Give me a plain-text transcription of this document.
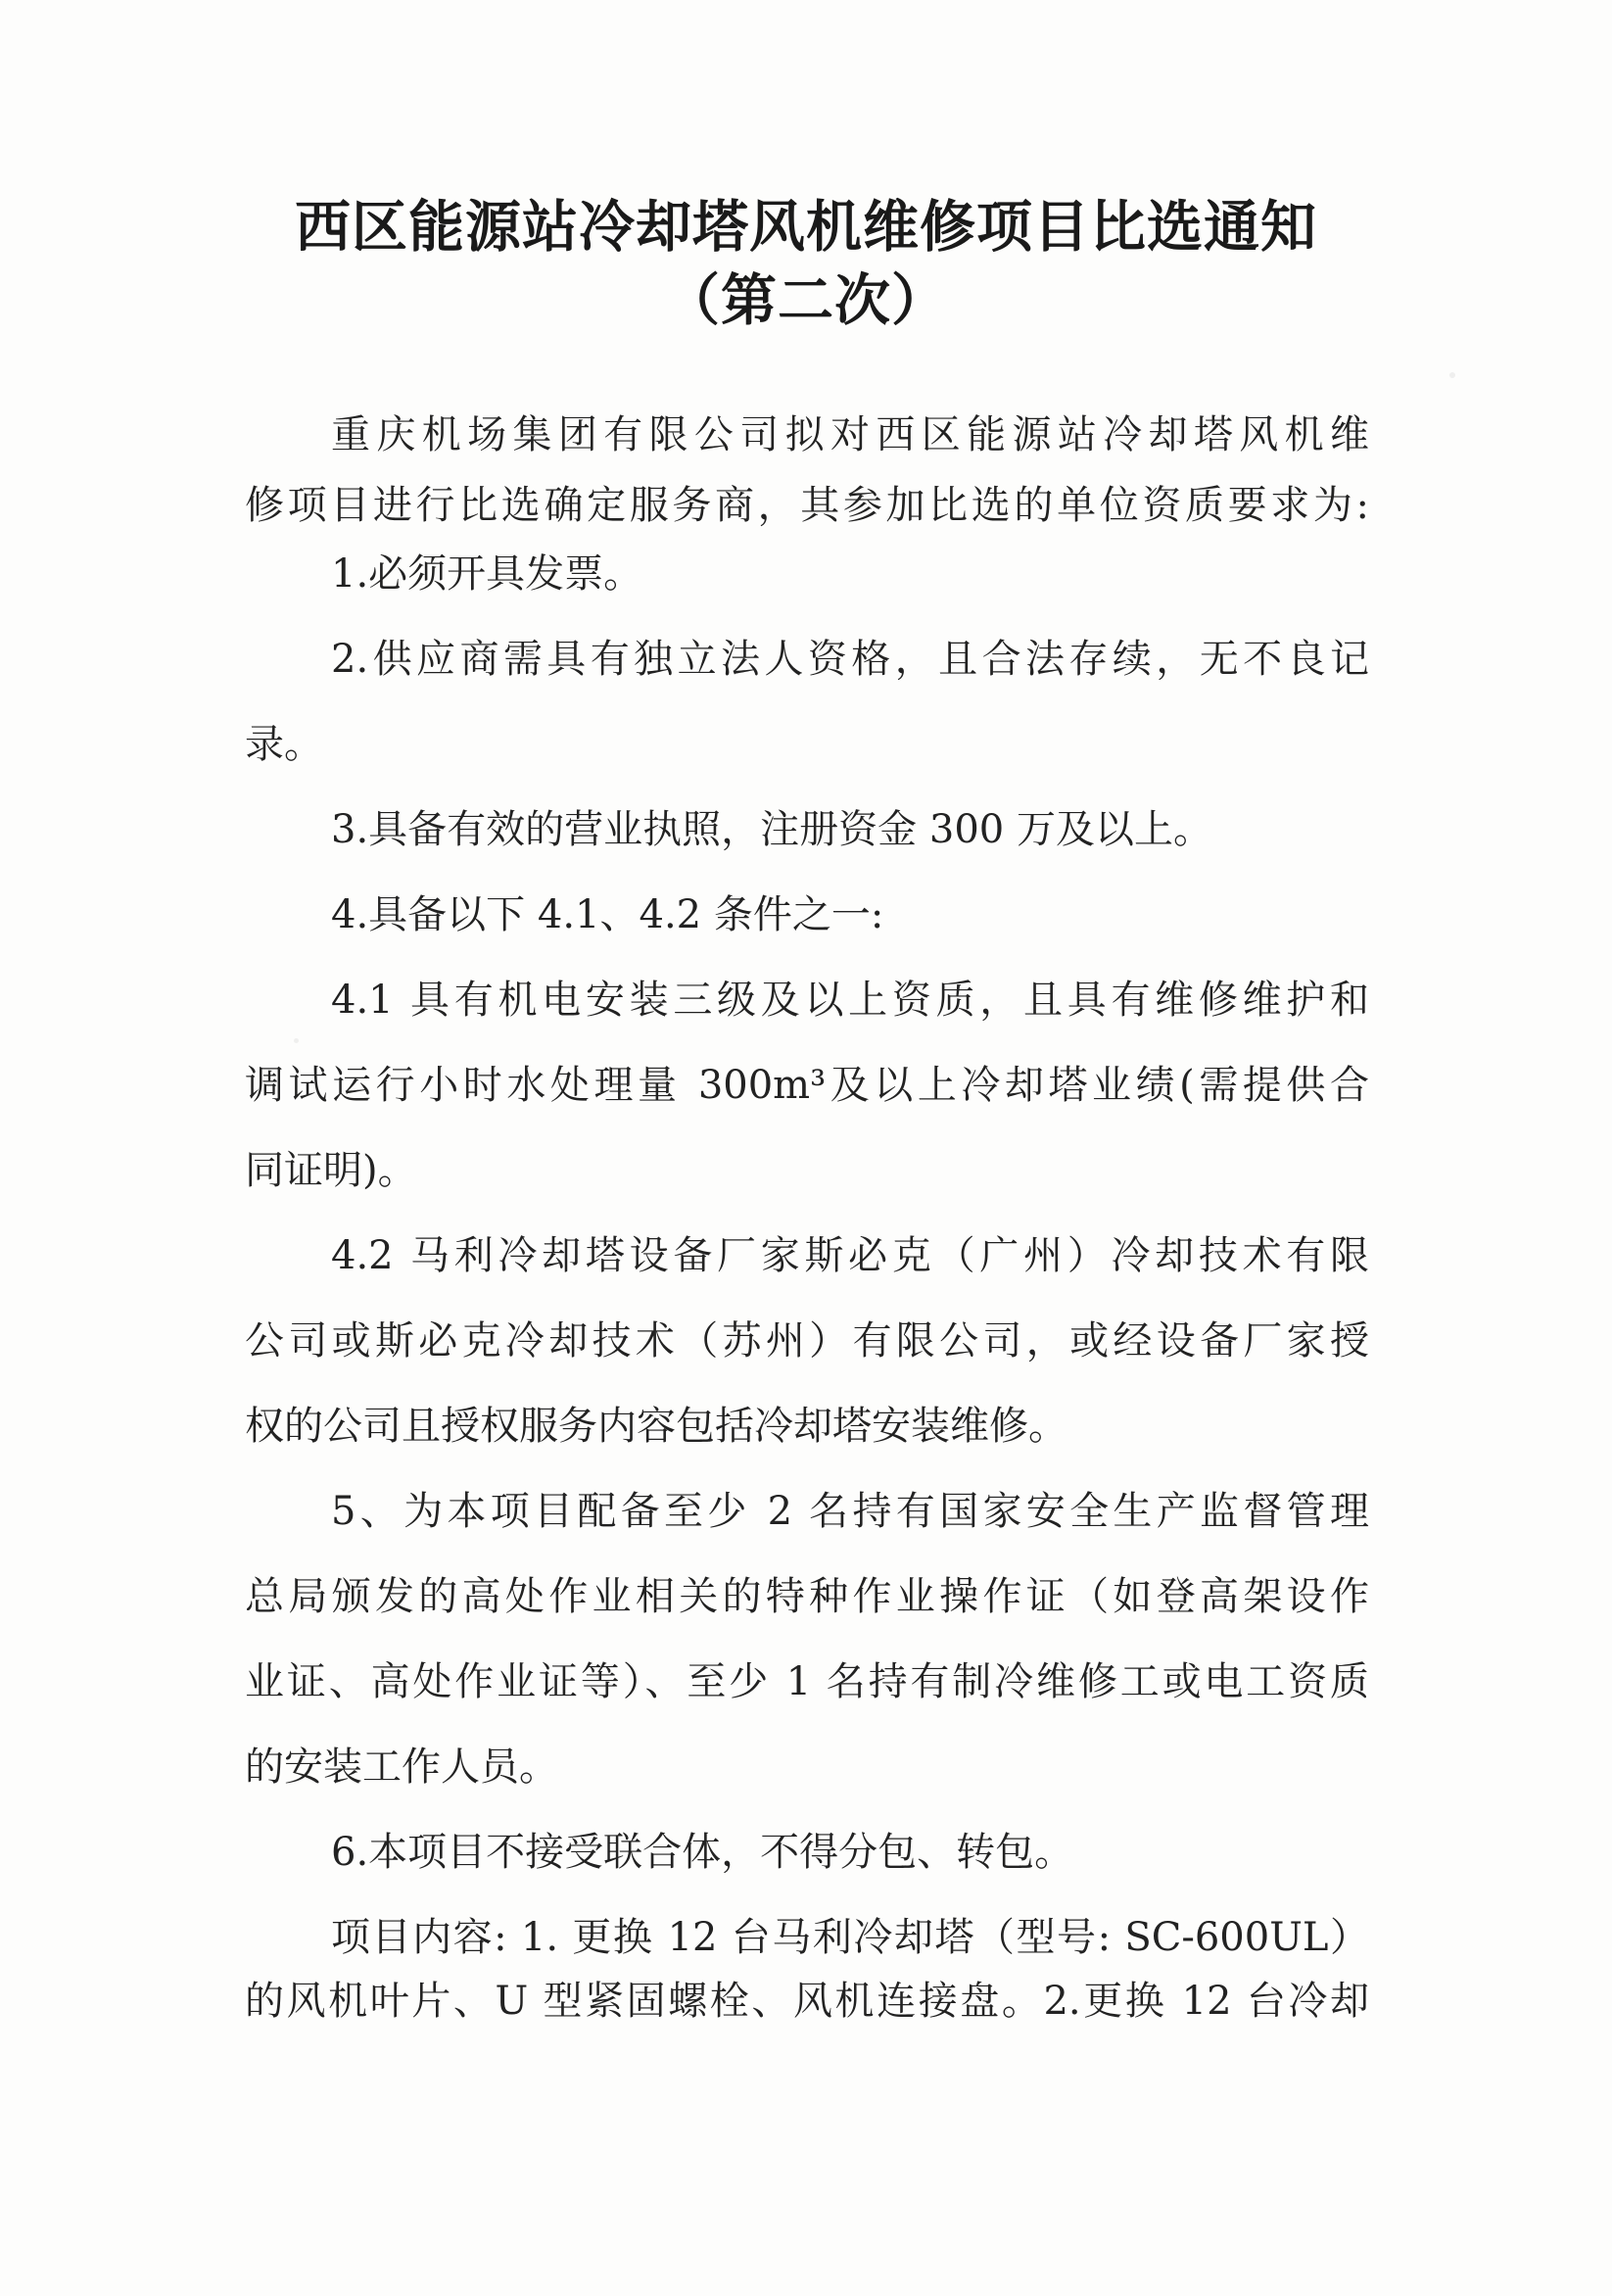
西区能源站冷却塔风机维修项目比选通知
（第二次）
重庆机场集团有限公司拟对西区能源站冷却塔风机维
修项目进行比选确定服务商，其参加比选的单位资质要求为:
1.必须开具发票。
2.供应商需具有独立法人资格，且合法存续，无不良记
录。
3.具备有效的营业执照，注册资金 300 万及以上。
4.具备以下 4.1、4.2 条件之一:
4.1 具有机电安装三级及以上资质，且具有维修维护和
调试运行小时水处理量 300m³及以上冷却塔业绩(需提供合
同证明)。
4.2 马利冷却塔设备厂家斯必克（广州）冷却技术有限
公司或斯必克冷却技术（苏州）有限公司，或经设备厂家授
权的公司且授权服务内容包括冷却塔安装维修。
5、为本项目配备至少 2 名持有国家安全生产监督管理
总局颁发的高处作业相关的特种作业操作证（如登高架设作
业证、高处作业证等）、至少 1 名持有制冷维修工或电工资质
的安装工作人员。
6.本项目不接受联合体，不得分包、转包。
项目内容: 1. 更换 12 台马利冷却塔（型号: SC-600UL）
的风机叶片、U 型紧固螺栓、风机连接盘。2.更换 12 台冷却
